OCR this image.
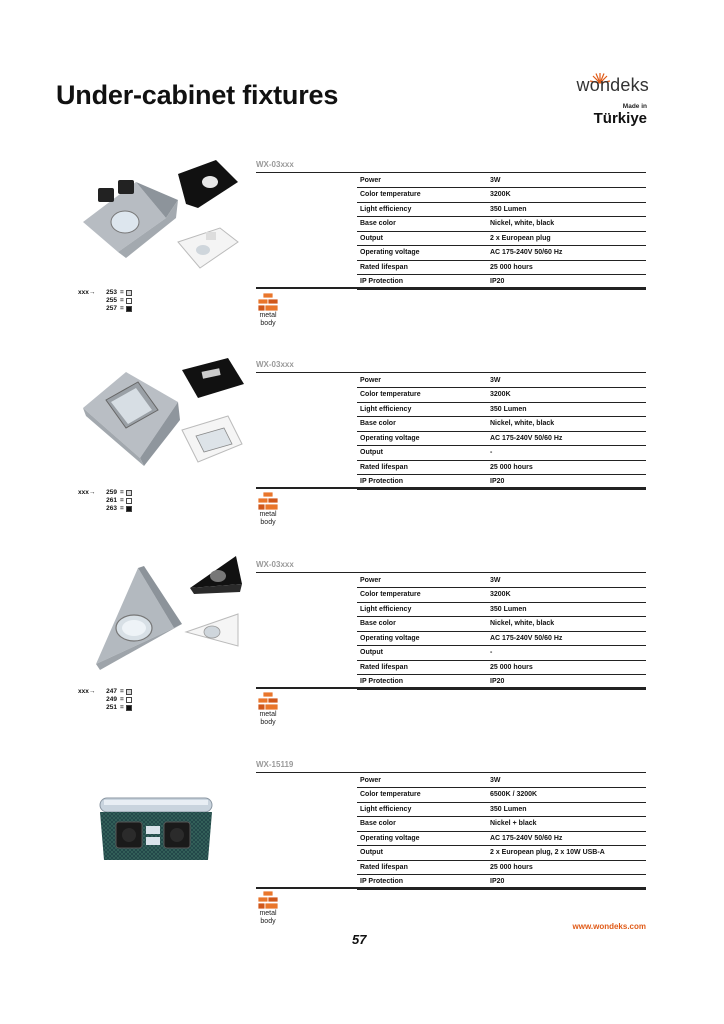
Under-cabinet fixtures	wondeks
Made in
Türkiye
WX-03xxx
Power	3W
Color temperature	3200K
Light efficiency	350 Lumen
Base color	Nickel, white, black
Output	2 x European plug
Operating voltage	AC 175-240V 50/60 Hz
Rated lifespan	25 000 hours
IP Protection	IP20
xxx→	253 =
255 =
257 =
metal body
WX-03xxx
Power	3W
Color temperature	3200K
Light efficiency	350 Lumen
Base color	Nickel, white, black
Operating voltage	AC 175-240V 50/60 Hz
Output	-
Rated lifespan	25 000 hours
IP Protection	IP20
xxx→	259 =
261 =
263 =
metal body
WX-03xxx
Power	3W
Color temperature	3200K
Light efficiency	350 Lumen
Base color	Nickel, white, black
Operating voltage	AC 175-240V 50/60 Hz
Output	-
Rated lifespan	25 000 hours
IP Protection	IP20
xxx→	247 =
249 =
251 =
metal body
WX-15119
Power	3W
Color temperature	6500K / 3200K
Light efficiency	350 Lumen
Base color	Nickel + black
Operating voltage	AC 175-240V 50/60 Hz
Output	2 x European plug, 2 x 10W USB-A
Rated lifespan	25 000 hours
IP Protection	IP20
metal body
57
www.wondeks.com
